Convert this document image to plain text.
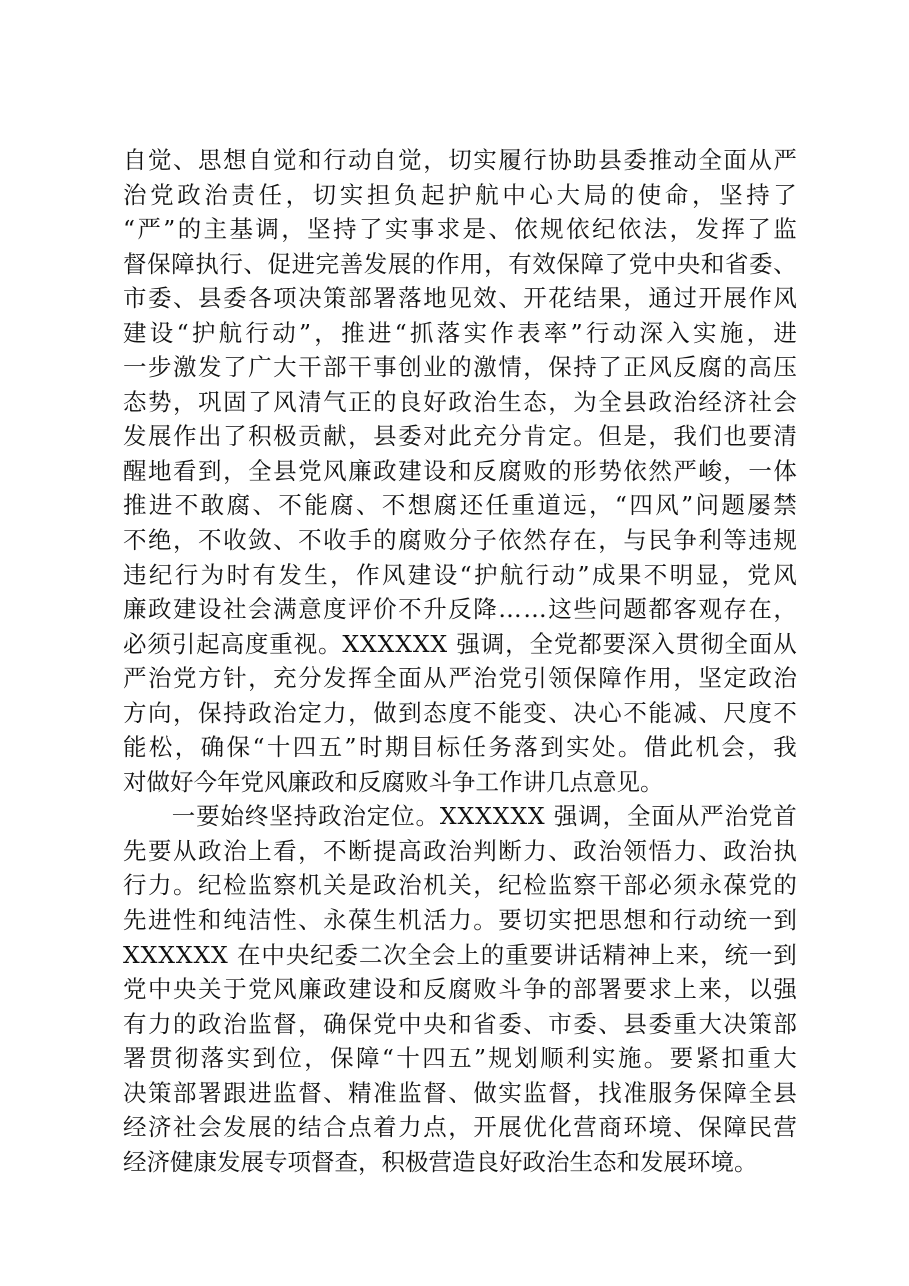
自 觉 、 思 想 自 觉 和 行 动 自 觉 ， 切 实 履 行 协 助 县 委 推 动 全 面 从 严
治 党 政 治 责 任 ， 切 实 担 负 起 护 航 中 心 大 局 的 使 命 ， 坚 持 了
“ 严 ” 的 主 基 调 ， 坚 持 了 实 事 求 是 、 依 规 依 纪 依 法 ， 发 挥 了 监
督 保 障 执 行 、 促 进 完 善 发 展 的 作 用 ， 有 效 保 障 了 党 中 央 和 省 委 、
市 委 、 县 委 各 项 决 策 部 署 落 地 见 效 、 开 花 结 果 ， 通 过 开 展 作 风
建 设 “ 护 航 行 动 ” ， 推 进 “ 抓 落 实 作 表 率 ” 行 动 深 入 实 施 ， 进
一 步 激 发 了 广 大 干 部 干 事 创 业 的 激 情 ， 保 持 了 正 风 反 腐 的 高 压
态 势 ， 巩 固 了 风 清 气 正 的 良 好 政 治 生 态 ， 为 全 县 政 治 经 济 社 会
发 展 作 出 了 积 极 贡 献 ， 县 委 对 此 充 分 肯 定 。 但 是 ， 我 们 也 要 清
醒 地 看 到 ， 全 县 党 风 廉 政 建 设 和 反 腐 败 的 形 势 依 然 严 峻 ， 一 体
推 进 不 敢 腐 、 不 能 腐 、 不 想 腐 还 任 重 道 远 ， “ 四 风 ” 问 题 屡 禁
不 绝 ， 不 收 敛 、 不 收 手 的 腐 败 分 子 依 然 存 在 ， 与 民 争 利 等 违 规
违 纪 行 为 时 有 发 生 ， 作 风 建 设 “ 护 航 行 动 ” 成 果 不 明 显 ， 党 风
廉 政 建 设 社 会 满 意 度 评 价 不 升 反 降 … … 这 些 问 题 都 客 观 存 在 ，
必 须 引 起 高 度 重 视 。 X X X X X X
强 调 ， 全 党 都 要 深 入 贯 彻 全 面 从
严 治 党 方 针 ， 充 分 发 挥 全 面 从 严 治 党 引 领 保 障 作 用 ， 坚 定 政 治
方 向 ， 保 持 政 治 定 力 ， 做 到 态 度 不 能 变 、 决 心 不 能 减 、 尺 度 不
能 松 ， 确 保 “ 十 四 五 ” 时 期 目 标 任 务 落 到 实 处 。 借 此 机 会 ， 我
对做好今年党风廉政和反腐败斗争工作讲几点意见。

一 要 始 终 坚 持 政 治 定 位 。 X X X X X X
强 调 ， 全 面 从 严 治 党 首
先 要 从 政 治 上 看 ， 不 断 提 高 政 治 判 断 力 、 政 治 领 悟 力 、 政 治 执
行 力 。 纪 检 监 察 机 关 是 政 治 机 关 ， 纪 检 监 察 干 部 必 须 永 葆 党 的
先 进 性 和 纯 洁 性 、 永 葆 生 机 活 力 。 要 切 实 把 思 想 和 行 动 统 一 到
X X X X X X
在 中 央 纪 委 二 次 全 会 上 的 重 要 讲 话 精 神 上 来 ， 统 一 到
党 中 央 关 于 党 风 廉 政 建 设 和 反 腐 败 斗 争 的 部 署 要 求 上 来 ， 以 强
有 力 的 政 治 监 督 ， 确 保 党 中 央 和 省 委 、 市 委 、 县 委 重 大 决 策 部
署 贯 彻 落 实 到 位 ， 保 障 “ 十 四 五 ” 规 划 顺 利 实 施 。 要 紧 扣 重 大
决 策 部 署 跟 进 监 督 、 精 准 监 督 、 做 实 监 督 ， 找 准 服 务 保 障 全 县
经 济 社 会 发 展 的 结 合 点 着 力 点 ， 开 展 优 化 营 商 环 境 、 保 障 民 营
经济健康发展专项督查，积极营造良好政治生态和发展环境。
